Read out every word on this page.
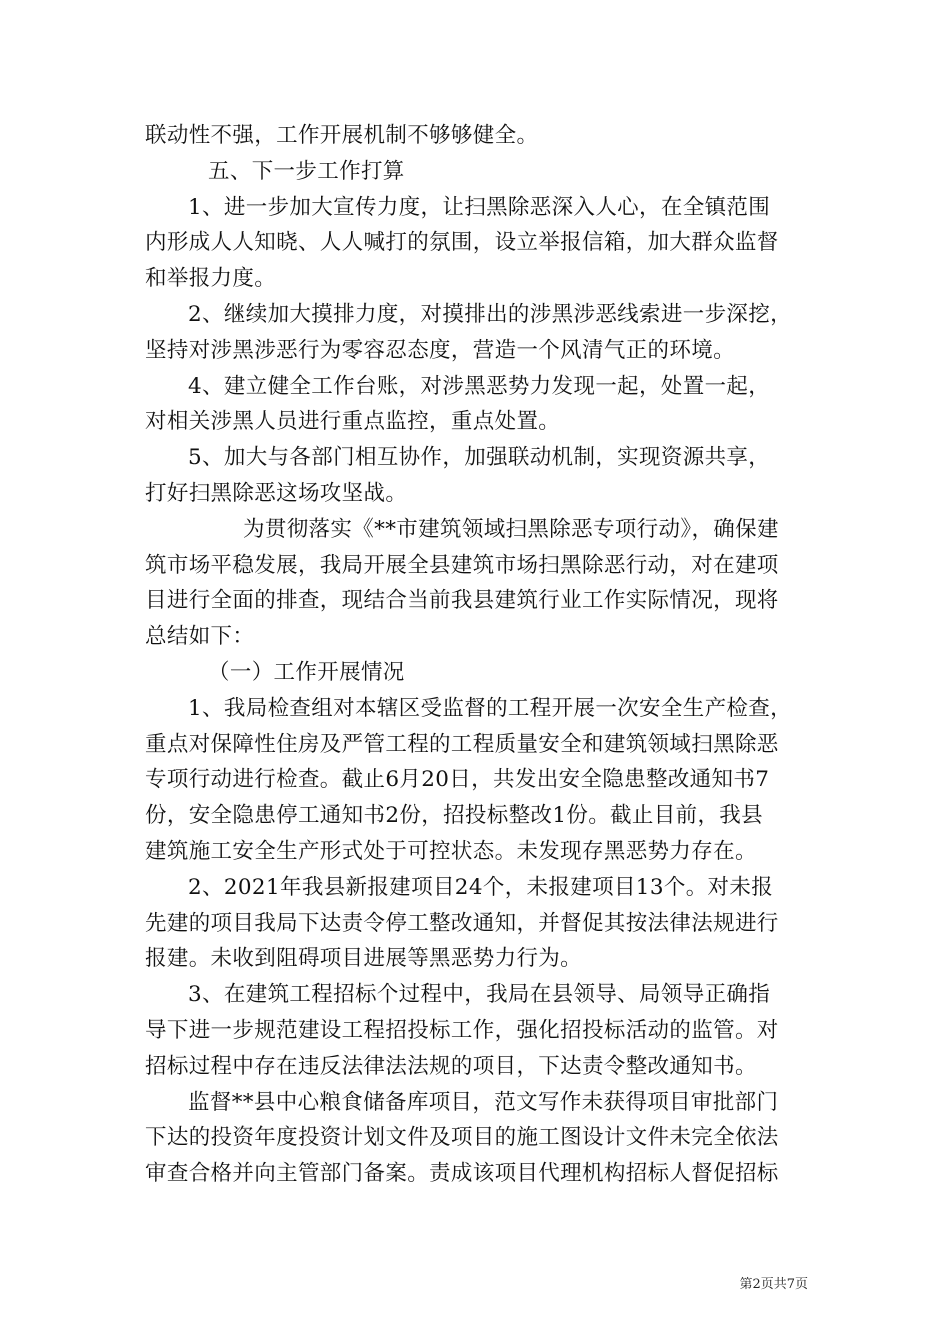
联动性不强，工作开展机制不够够健全。
五、下一步工作打算
1、进一步加大宣传力度，让扫黑除恶深入人心，在全镇范围
内形成人人知晓、人人喊打的氛围，设立举报信箱，加大群众监督
和举报力度。
2、继续加大摸排力度，对摸排出的涉黑涉恶线索进一步深挖，
坚持对涉黑涉恶行为零容忍态度，营造一个风清气正的环境。
4、建立健全工作台账，对涉黑恶势力发现一起，处置一起，
对相关涉黑人员进行重点监控，重点处置。
5、加大与各部门相互协作，加强联动机制，实现资源共享，
打好扫黑除恶这场攻坚战。
为贯彻落实《**市建筑领域扫黑除恶专项行动》，确保建
筑市场平稳发展，我局开展全县建筑市场扫黑除恶行动，对在建项
目进行全面的排查，现结合当前我县建筑行业工作实际情况，现将
总结如下：
（一）工作开展情况
1、我局检查组对本辖区受监督的工程开展一次安全生产检查，
重点对保障性住房及严管工程的工程质量安全和建筑领域扫黑除恶
专项行动进行检查。截止6月20日，共发出安全隐患整改通知书7
份，安全隐患停工通知书2份，招投标整改1份。截止目前，我县
建筑施工安全生产形式处于可控状态。未发现存黑恶势力存在。
2、2021年我县新报建项目24个，未报建项目13个。对未报
先建的项目我局下达责令停工整改通知，并督促其按法律法规进行
报建。未收到阻碍项目进展等黑恶势力行为。
3、在建筑工程招标个过程中，我局在县领导、局领导正确指
导下进一步规范建设工程招投标工作，强化招投标活动的监管。对
招标过程中存在违反法律法法规的项目，下达责令整改通知书。
监督**县中心粮食储备库项目，范文写作未获得项目审批部门
下达的投资年度投资计划文件及项目的施工图设计文件未完全依法
审查合格并向主管部门备案。责成该项目代理机构招标人督促招标
第2页共7页
